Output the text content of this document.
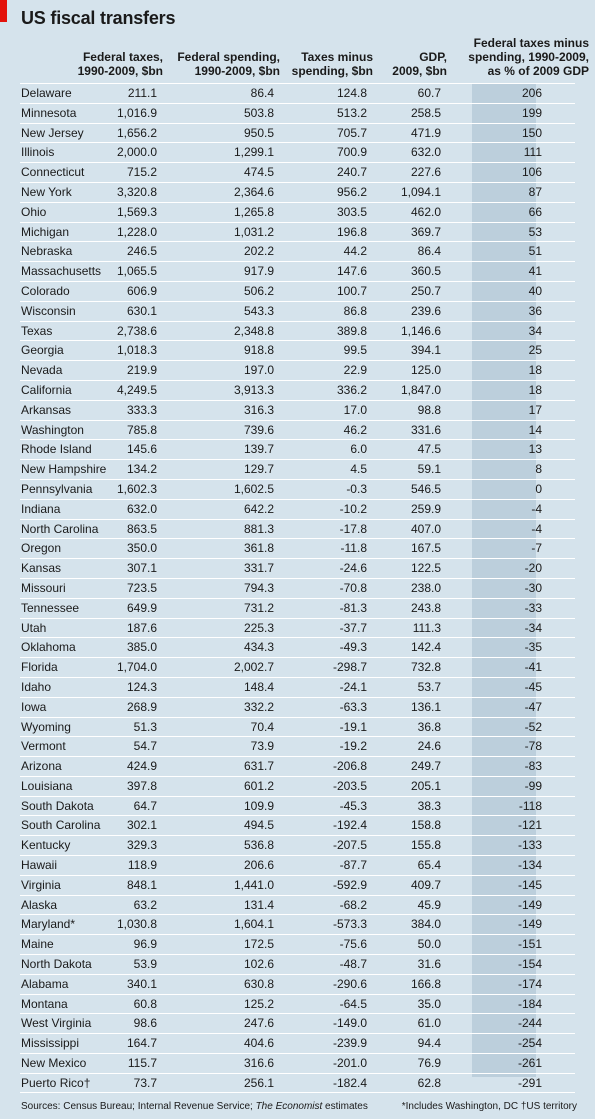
US fiscal transfers
Federal taxes,
1990-2009, $bn
Federal spending,
1990-2009, $bn
Taxes minus
spending, $bn
GDP,
2009, $bn
Federal taxes minus
spending, 1990-2009,
as % of 2009 GDP
Delaware	211.1	86.4	124.8	60.7	206
Minnesota	1,016.9	503.8	513.2	258.5	199
New Jersey	1,656.2	950.5	705.7	471.9	150
Illinois	2,000.0	1,299.1	700.9	632.0	111
Connecticut	715.2	474.5	240.7	227.6	106
New York	3,320.8	2,364.6	956.2	1,094.1	87
Ohio	1,569.3	1,265.8	303.5	462.0	66
Michigan	1,228.0	1,031.2	196.8	369.7	53
Nebraska	246.5	202.2	44.2	86.4	51
Massachusetts 1,065.5	917.9	147.6	360.5	41
Colorado	606.9	506.2	100.7	250.7	40
Wisconsin	630.1	543.3	86.8	239.6	36
Texas	2,738.6	2,348.8	389.8	1,146.6	34
Georgia	1,018.3	918.8	99.5	394.1	25
Nevada	219.9	197.0	22.9	125.0	18
California	4,249.5	3,913.3	336.2	1,847.0	18
Arkansas	333.3	316.3	17.0	98.8	17
Washington	785.8	739.6	46.2	331.6	14
Rhode Island	145.6	139.7	6.0	47.5	13
New Hampshire 134.2	129.7	4.5	59.1	8
Pennsylvania 1,602.3	1,602.5	-0.3	546.5	0
Indiana	632.0	642.2	-10.2	259.9	-4
North Carolina 863.5	881.3	-17.8	407.0	-4
Oregon	350.0	361.8	-11.8	167.5	-7
Kansas	307.1	331.7	-24.6	122.5	-20
Missouri	723.5	794.3	-70.8	238.0	-30
Tennessee	649.9	731.2	-81.3	243.8	-33
Utah	187.6	225.3	-37.7	111.3	-34
Oklahoma	385.0	434.3	-49.3	142.4	-35
Florida	1,704.0	2,002.7	-298.7	732.8	-41
Idaho	124.3	148.4	-24.1	53.7	-45
Iowa	268.9	332.2	-63.3	136.1	-47
Wyoming	51.3	70.4	-19.1	36.8	-52
Vermont	54.7	73.9	-19.2	24.6	-78
Arizona	424.9	631.7	-206.8	249.7	-83
Louisiana	397.8	601.2	-203.5	205.1	-99
South Dakota	64.7	109.9	-45.3	38.3	-118
South Carolina 302.1	494.5	-192.4	158.8	-121
Kentucky	329.3	536.8	-207.5	155.8	-133
Hawaii	118.9	206.6	-87.7	65.4	-134
Virginia	848.1	1,441.0	-592.9	409.7	-145
Alaska	63.2	131.4	-68.2	45.9	-149
Maryland*	1,030.8	1,604.1	-573.3	384.0	-149
Maine	96.9	172.5	-75.6	50.0	-151
North Dakota	53.9	102.6	-48.7	31.6	-154
Alabama	340.1	630.8	-290.6	166.8	-174
Montana	60.8	125.2	-64.5	35.0	-184
West Virginia	98.6	247.6	-149.0	61.0	-244
Mississippi	164.7	404.6	-239.9	94.4	-254
New Mexico	115.7	316.6	-201.0	76.9	-261
Puerto Rico†	73.7	256.1	-182.4	62.8	-291
Sources: Census Bureau; Internal Revenue Service; The Economist estimates	*Includes Washington, DC †US territory
